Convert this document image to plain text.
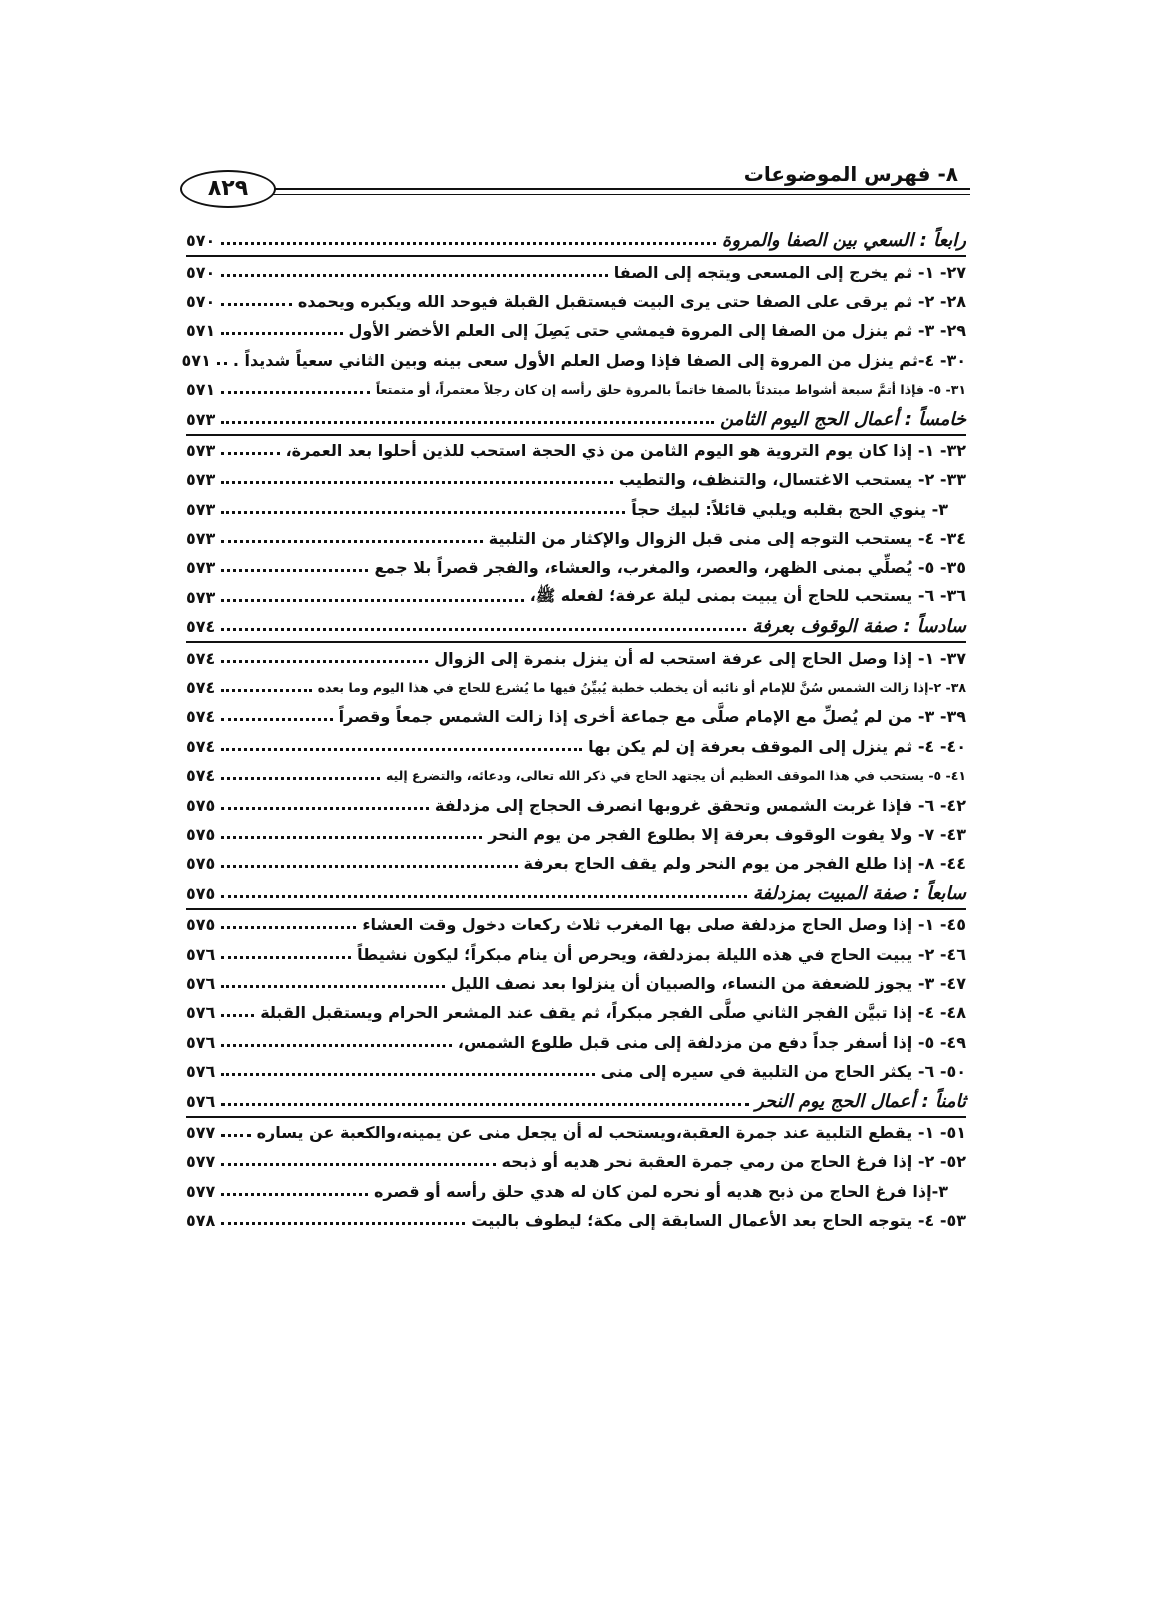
٨- فهرس الموضوعات
٨٢٩
رابعاً : السعي بين الصفا والمروة
٥٧٠
٢٧- ١- ثم يخرج إلى المسعى ويتجه إلى الصفا
٥٧٠
٢٨- ٢- ثم يرقى على الصفا حتى يرى البيت فيستقبل القبلة فيوحد الله ويكبره ويحمده
٥٧٠
٢٩- ٣- ثم ينزل من الصفا إلى المروة فيمشي حتى يَصِلَ إلى العلم الأخضر الأول
٥٧١
٣٠- ٤-ثم ينزل من المروة إلى الصفا فإذا وصل العلم الأول سعى بينه وبين الثاني سعياً شديداً .
٥٧١
٣١- ٥- فإذا أتمَّ سبعة أشواط مبتدئاً بالصفا خاتماً بالمروة حلق رأسه إن كان رجلاً معتمراً، أو متمتعاً
٥٧١
خامساً : أعمال الحج اليوم الثامن
٥٧٣
٣٢- ١- إذا كان يوم التروية هو اليوم الثامن من ذي الحجة استحب للذين أحلوا بعد العمرة،
٥٧٣
٣٣- ٢- يستحب الاغتسال، والتنظف، والتطيب
٥٧٣
٣- ينوي الحج بقلبه ويلبي قائلاً: لبيك حجاً
٥٧٣
٣٤- ٤- يستحب التوجه إلى منى قبل الزوال والإكثار من التلبية
٥٧٣
٣٥- ٥- يُصلِّي بمنى الظهر، والعصر، والمغرب، والعشاء، والفجر قصراً بلا جمع
٥٧٣
٣٦- ٦- يستحب للحاج أن يبيت بمنى ليلة عرفة؛ لفعله ﷺ،
٥٧٣
سادساً : صفة الوقوف بعرفة
٥٧٤
٣٧- ١- إذا وصل الحاج إلى عرفة استحب له أن ينزل بنمرة إلى الزوال
٥٧٤
٣٨- ٢-إذا زالت الشمس سُنَّ للإمام أو نائبه أن يخطب خطبة يُبيِّنُ فيها ما يُشرع للحاج في هذا اليوم وما بعده
٥٧٤
٣٩- ٣- من لم يُصلِّ مع الإمام صلَّى مع جماعة أخرى إذا زالت الشمس جمعاً وقصراً
٥٧٤
٤٠- ٤- ثم ينزل إلى الموقف بعرفة إن لم يكن بها
٥٧٤
٤١- ٥- يستحب في هذا الموقف العظيم أن يجتهد الحاج في ذكر الله تعالى، ودعائه، والتضرع إليه
٥٧٤
٤٢- ٦- فإذا غربت الشمس وتحقق غروبها انصرف الحجاج إلى مزدلفة
٥٧٥
٤٣- ٧- ولا يفوت الوقوف بعرفة إلا بطلوع الفجر من يوم النحر
٥٧٥
٤٤- ٨- إذا طلع الفجر من يوم النحر ولم يقف الحاج بعرفة
٥٧٥
سابعاً : صفة المبيت بمزدلفة
٥٧٥
٤٥- ١- إذا وصل الحاج مزدلفة صلى بها المغرب ثلاث ركعات دخول وقت العشاء
٥٧٥
٤٦- ٢- يبيت الحاج في هذه الليلة بمزدلفة، ويحرص أن ينام مبكراً؛ ليكون نشيطاً
٥٧٦
٤٧- ٣- يجوز للضعفة من النساء، والصبيان أن ينزلوا بعد نصف الليل
٥٧٦
٤٨- ٤- إذا تبيَّن الفجر الثاني صلَّى الفجر مبكراً، ثم يقف عند المشعر الحرام ويستقبل القبلة
٥٧٦
٤٩- ٥- إذا أسفر جداً دفع من مزدلفة إلى منى قبل طلوع الشمس،
٥٧٦
٥٠- ٦- يكثر الحاج من التلبية في سيره إلى منى
٥٧٦
ثامناً : أعمال الحج يوم النحر
٥٧٦
٥١- ١- يقطع التلبية عند جمرة العقبة،ويستحب له أن يجعل منى عن يمينه،والكعبة عن يساره
٥٧٧
٥٢- ٢- إذا فرغ الحاج من رمي جمرة العقبة نحر هديه أو ذبحه
٥٧٧
٣-إذا فرغ الحاج من ذبح هديه أو نحره لمن كان له هدي حلق رأسه أو قصره
٥٧٧
٥٣- ٤- يتوجه الحاج بعد الأعمال السابقة إلى مكة؛ ليطوف بالبيت
٥٧٨
